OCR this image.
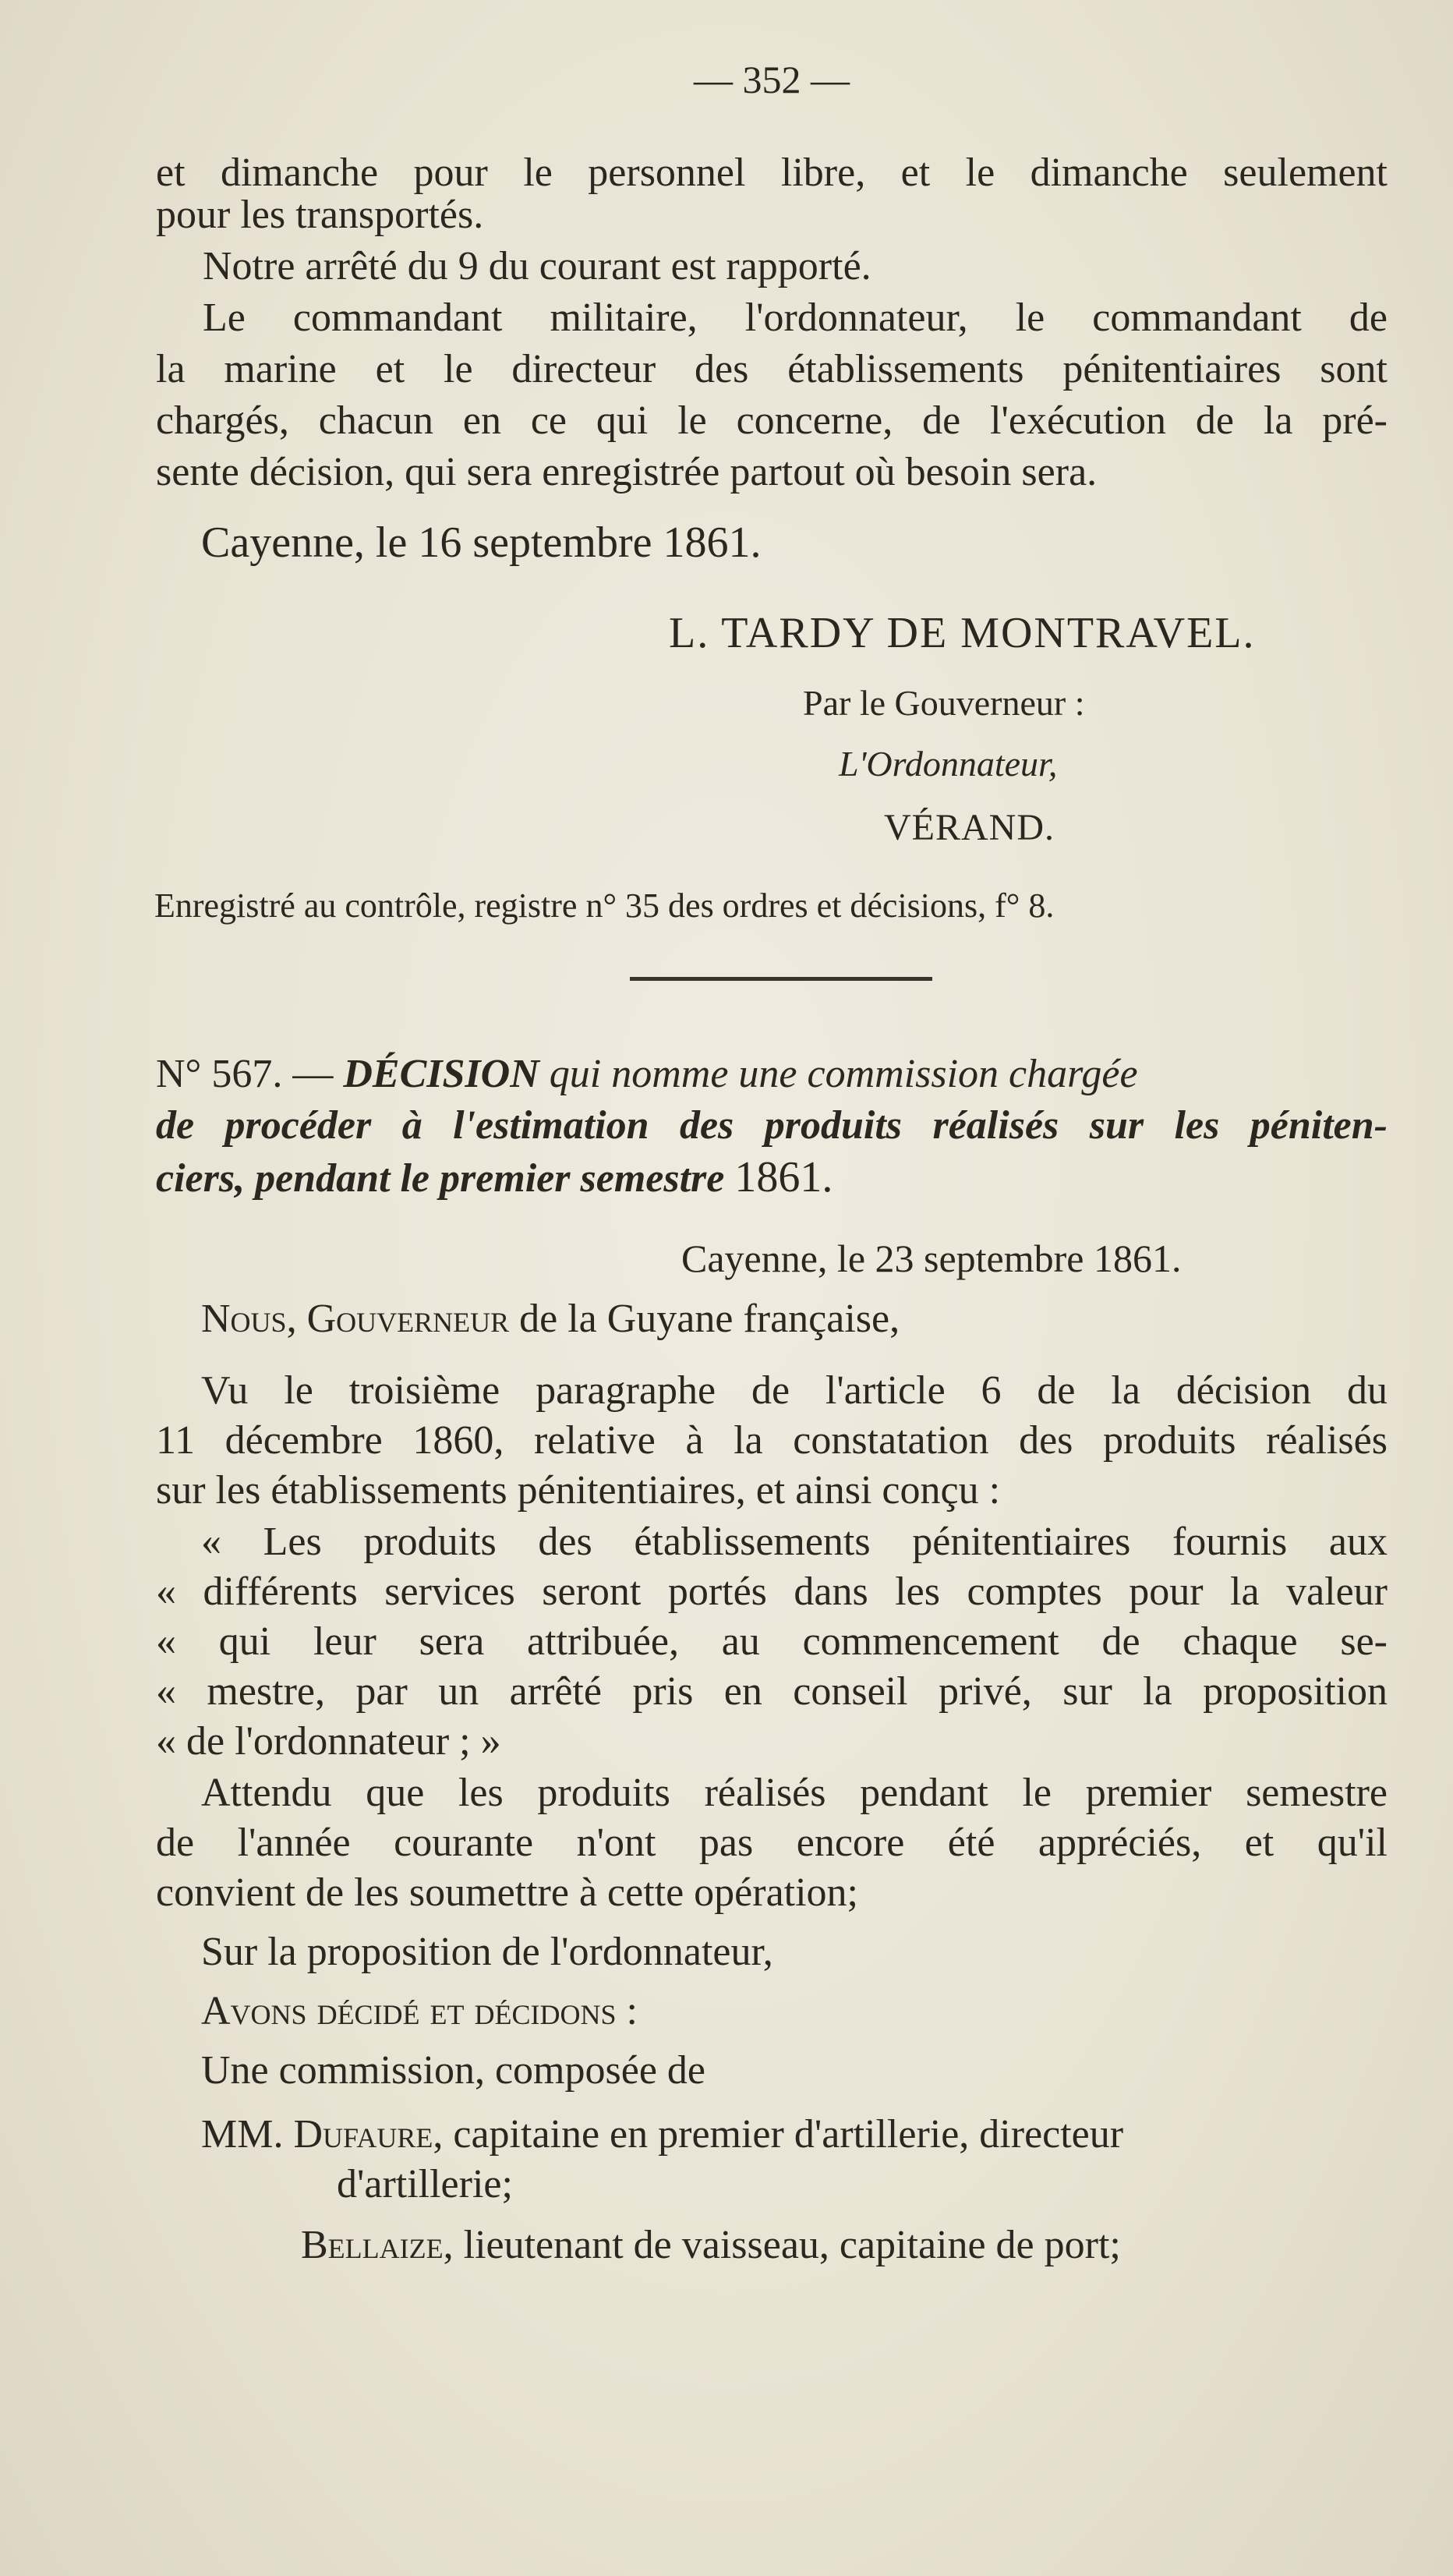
— 352 —
et dimanche pour le personnel libre, et le dimanche seulement
pour les transportés.
Notre arrêté du 9 du courant est rapporté.
Le commandant militaire, l'ordonnateur, le commandant de
la marine et le directeur des établissements pénitentiaires sont
chargés, chacun en ce qui le concerne, de l'exécution de la pré-
sente décision, qui sera enregistrée partout où besoin sera.
Cayenne, le 16 septembre 1861.
L. TARDY DE MONTRAVEL.
Par le Gouverneur :
L'Ordonnateur,
VÉRAND.
Enregistré au contrôle, registre n° 35 des ordres et décisions, f° 8.
N° 567. — DÉCISION qui nomme une commission chargée
de procéder à l'estimation des produits réalisés sur les péniten-
ciers, pendant le premier semestre 1861.
Cayenne, le 23 septembre 1861.
Nous, Gouverneur de la Guyane française,
Vu le troisième paragraphe de l'article 6 de la décision du
11 décembre 1860, relative à la constatation des produits réalisés
sur les établissements pénitentiaires, et ainsi conçu :
« Les produits des établissements pénitentiaires fournis aux
« différents services seront portés dans les comptes pour la valeur
« qui leur sera attribuée, au commencement de chaque se-
« mestre, par un arrêté pris en conseil privé, sur la proposition
« de l'ordonnateur ; »
Attendu que les produits réalisés pendant le premier semestre
de l'année courante n'ont pas encore été appréciés, et qu'il
convient de les soumettre à cette opération;
Sur la proposition de l'ordonnateur,
Avons décidé et décidons :
Une commission, composée de
MM. Dufaure, capitaine en premier d'artillerie, directeur
d'artillerie;
Bellaize, lieutenant de vaisseau, capitaine de port;
